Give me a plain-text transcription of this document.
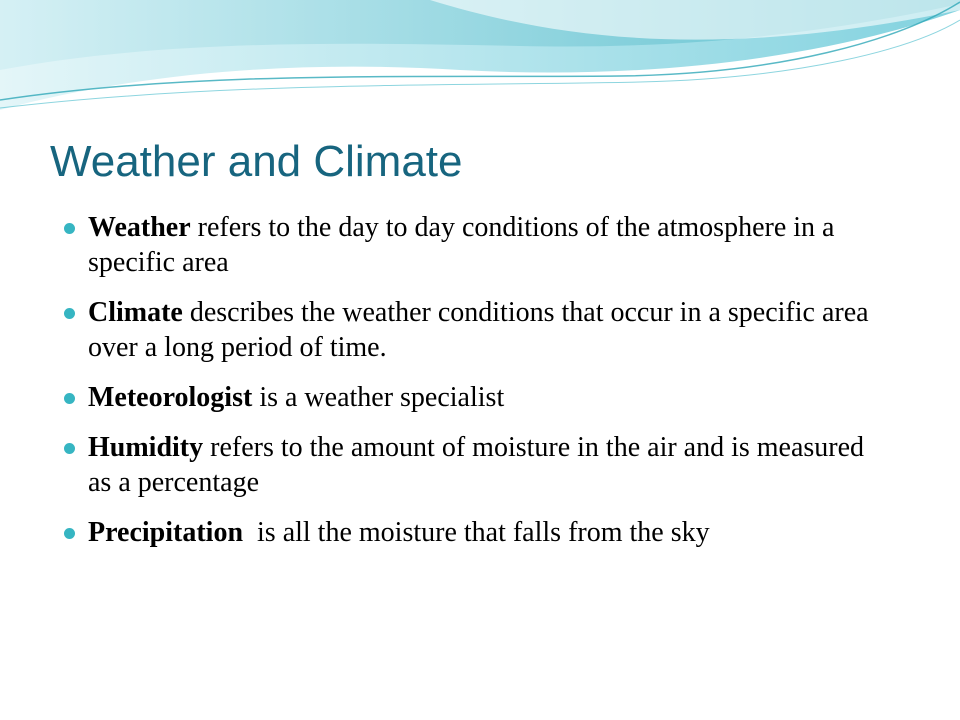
Weather and Climate
Weather refers to the day to day conditions of the atmosphere in a specific area
Climate describes the weather conditions that occur in a specific area over a long period of time.
Meteorologist is a weather specialist
Humidity refers to the amount of moisture in the air and is measured as a percentage
Precipitation  is all the moisture that falls from the sky
